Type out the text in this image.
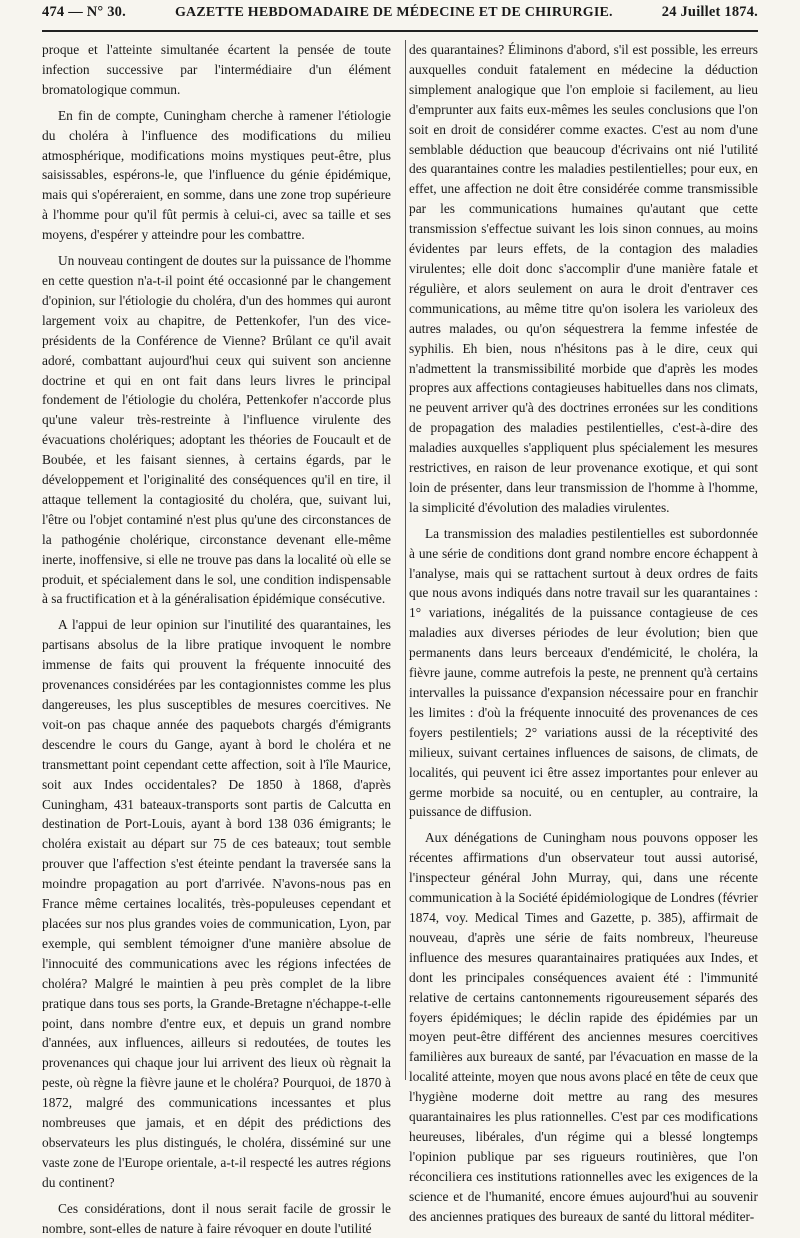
474 — N° 30.	GAZETTE HEBDOMADAIRE DE MÉDECINE ET DE CHIRURGIE.	24 Juillet 1874.

proque et l'atteinte simultanée écartent la pensée de toute infection successive par l'intermédiaire d'un élément bromatologique commun.

En fin de compte, Cuningham cherche à ramener l'étiologie du choléra à l'influence des modifications du milieu atmosphérique, modifications moins mystiques peut-être, plus saisissables, espérons-le, que l'influence du génie épidémique, mais qui s'opéreraient, en somme, dans une zone trop supérieure à l'homme pour qu'il fût permis à celui-ci, avec sa taille et ses moyens, d'espérer y atteindre pour les combattre.

Un nouveau contingent de doutes sur la puissance de l'homme en cette question n'a-t-il point été occasionné par le changement d'opinion, sur l'étiologie du choléra, d'un des hommes qui auront largement voix au chapitre, de Pettenkofer, l'un des vice-présidents de la Conférence de Vienne? Brûlant ce qu'il avait adoré, combattant aujourd'hui ceux qui suivent son ancienne doctrine et qui en ont fait dans leurs livres le principal fondement de l'étiologie du choléra, Pettenkofer n'accorde plus qu'une valeur très-restreinte à l'influence virulente des évacuations cholériques; adoptant les théories de Foucault et de Boubée, et les faisant siennes, à certains égards, par le développement et l'originalité des conséquences qu'il en tire, il attaque tellement la contagiosité du choléra, que, suivant lui, l'être ou l'objet contaminé n'est plus qu'une des circonstances de la pathogénie cholérique, circonstance devenant elle-même inerte, inoffensive, si elle ne trouve pas dans la localité où elle se produit, et spécialement dans le sol, une condition indispensable à sa fructification et à la généralisation épidémique consécutive.

A l'appui de leur opinion sur l'inutilité des quarantaines, les partisans absolus de la libre pratique invoquent le nombre immense de faits qui prouvent la fréquente innocuité des provenances considérées par les contagionnistes comme les plus dangereuses, les plus susceptibles de mesures coercitives. Ne voit-on pas chaque année des paquebots chargés d'émigrants descendre le cours du Gange, ayant à bord le choléra et ne transmettant point cependant cette affection, soit à l'île Maurice, soit aux Indes occidentales? De 1850 à 1868, d'après Cuningham, 431 bateaux-transports sont partis de Calcutta en destination de Port-Louis, ayant à bord 138 036 émigrants; le choléra existait au départ sur 75 de ces bateaux; tout semble prouver que l'affection s'est éteinte pendant la traversée sans la moindre propagation au port d'arrivée. N'avons-nous pas en France même certaines localités, très-populeuses cependant et placées sur nos plus grandes voies de communication, Lyon, par exemple, qui semblent témoigner d'une manière absolue de l'innocuité des communications avec les régions infectées de choléra? Malgré le maintien à peu près complet de la libre pratique dans tous ses ports, la Grande-Bretagne n'échappe-t-elle point, dans nombre d'entre eux, et depuis un grand nombre d'années, aux influences, ailleurs si redoutées, de toutes les provenances qui chaque jour lui arrivent des lieux où règnait la peste, où règne la fièvre jaune et le choléra? Pourquoi, de 1870 à 1872, malgré des communications incessantes et plus nombreuses que jamais, et en dépit des prédictions des observateurs les plus distingués, le choléra, disséminé sur une vaste zone de l'Europe orientale, a-t-il respecté les autres régions du continent?

Ces considérations, dont il nous serait facile de grossir le nombre, sont-elles de nature à faire révoquer en doute l'utilité

des quarantaines? Éliminons d'abord, s'il est possible, les erreurs auxquelles conduit fatalement en médecine la déduction simplement analogique que l'on emploie si facilement, au lieu d'emprunter aux faits eux-mêmes les seules conclusions que l'on soit en droit de considérer comme exactes. C'est au nom d'une semblable déduction que beaucoup d'écrivains ont nié l'utilité des quarantaines contre les maladies pestilentielles; pour eux, en effet, une affection ne doit être considérée comme transmissible par les communications humaines qu'autant que cette transmission s'effectue suivant les lois sinon connues, au moins évidentes par leurs effets, de la contagion des maladies virulentes; elle doit donc s'accomplir d'une manière fatale et régulière, et alors seulement on aura le droit d'entraver ces communications, au même titre qu'on isolera les varioleux des autres malades, ou qu'on séquestrera la femme infestée de syphilis. Eh bien, nous n'hésitons pas à le dire, ceux qui n'admettent la transmissibilité morbide que d'après les modes propres aux affections contagieuses habituelles dans nos climats, ne peuvent arriver qu'à des doctrines erronées sur les conditions de propagation des maladies pestilentielles, c'est-à-dire des maladies auxquelles s'appliquent plus spécialement les mesures restrictives, en raison de leur provenance exotique, et qui sont loin de présenter, dans leur transmission de l'homme à l'homme, la simplicité d'évolution des maladies virulentes.

La transmission des maladies pestilentielles est subordonnée à une série de conditions dont grand nombre encore échappent à l'analyse, mais qui se rattachent surtout à deux ordres de faits que nous avons indiqués dans notre travail sur les quarantaines : 1° variations, inégalités de la puissance contagieuse de ces maladies aux diverses périodes de leur évolution; bien que permanents dans leurs berceaux d'endémicité, le choléra, la fièvre jaune, comme autrefois la peste, ne prennent qu'à certains intervalles la puissance d'expansion nécessaire pour en franchir les limites : d'où la fréquente innocuité des provenances de ces foyers pestilentiels; 2° variations aussi de la réceptivité des milieux, suivant certaines influences de saisons, de climats, de localités, qui peuvent ici être assez importantes pour enlever au germe morbide sa nocuité, ou en centupler, au contraire, la puissance de diffusion.

Aux dénégations de Cuningham nous pouvons opposer les récentes affirmations d'un observateur tout aussi autorisé, l'inspecteur général John Murray, qui, dans une récente communication à la Société épidémiologique de Londres (février 1874, voy. Medical Times and Gazette, p. 385), affirmait de nouveau, d'après une série de faits nombreux, l'heureuse influence des mesures quarantainaires pratiquées aux Indes, et dont les principales conséquences avaient été : l'immunité relative de certains cantonnements rigoureusement séparés des foyers épidémiques; le déclin rapide des épidémies par un moyen peut-être différent des anciennes mesures coercitives familières aux bureaux de santé, par l'évacuation en masse de la localité atteinte, moyen que nous avons placé en tête de ceux que l'hygiène moderne doit mettre au rang des mesures quarantainaires les plus rationnelles. C'est par ces modifications heureuses, libérales, d'un régime qui a blessé longtemps l'opinion publique par ses rigueurs routinières, que l'on réconciliera ces institutions rationnelles avec les exigences de la science et de l'humanité, encore émues aujourd'hui au souvenir des anciennes pratiques des bureaux de santé du littoral méditer-
